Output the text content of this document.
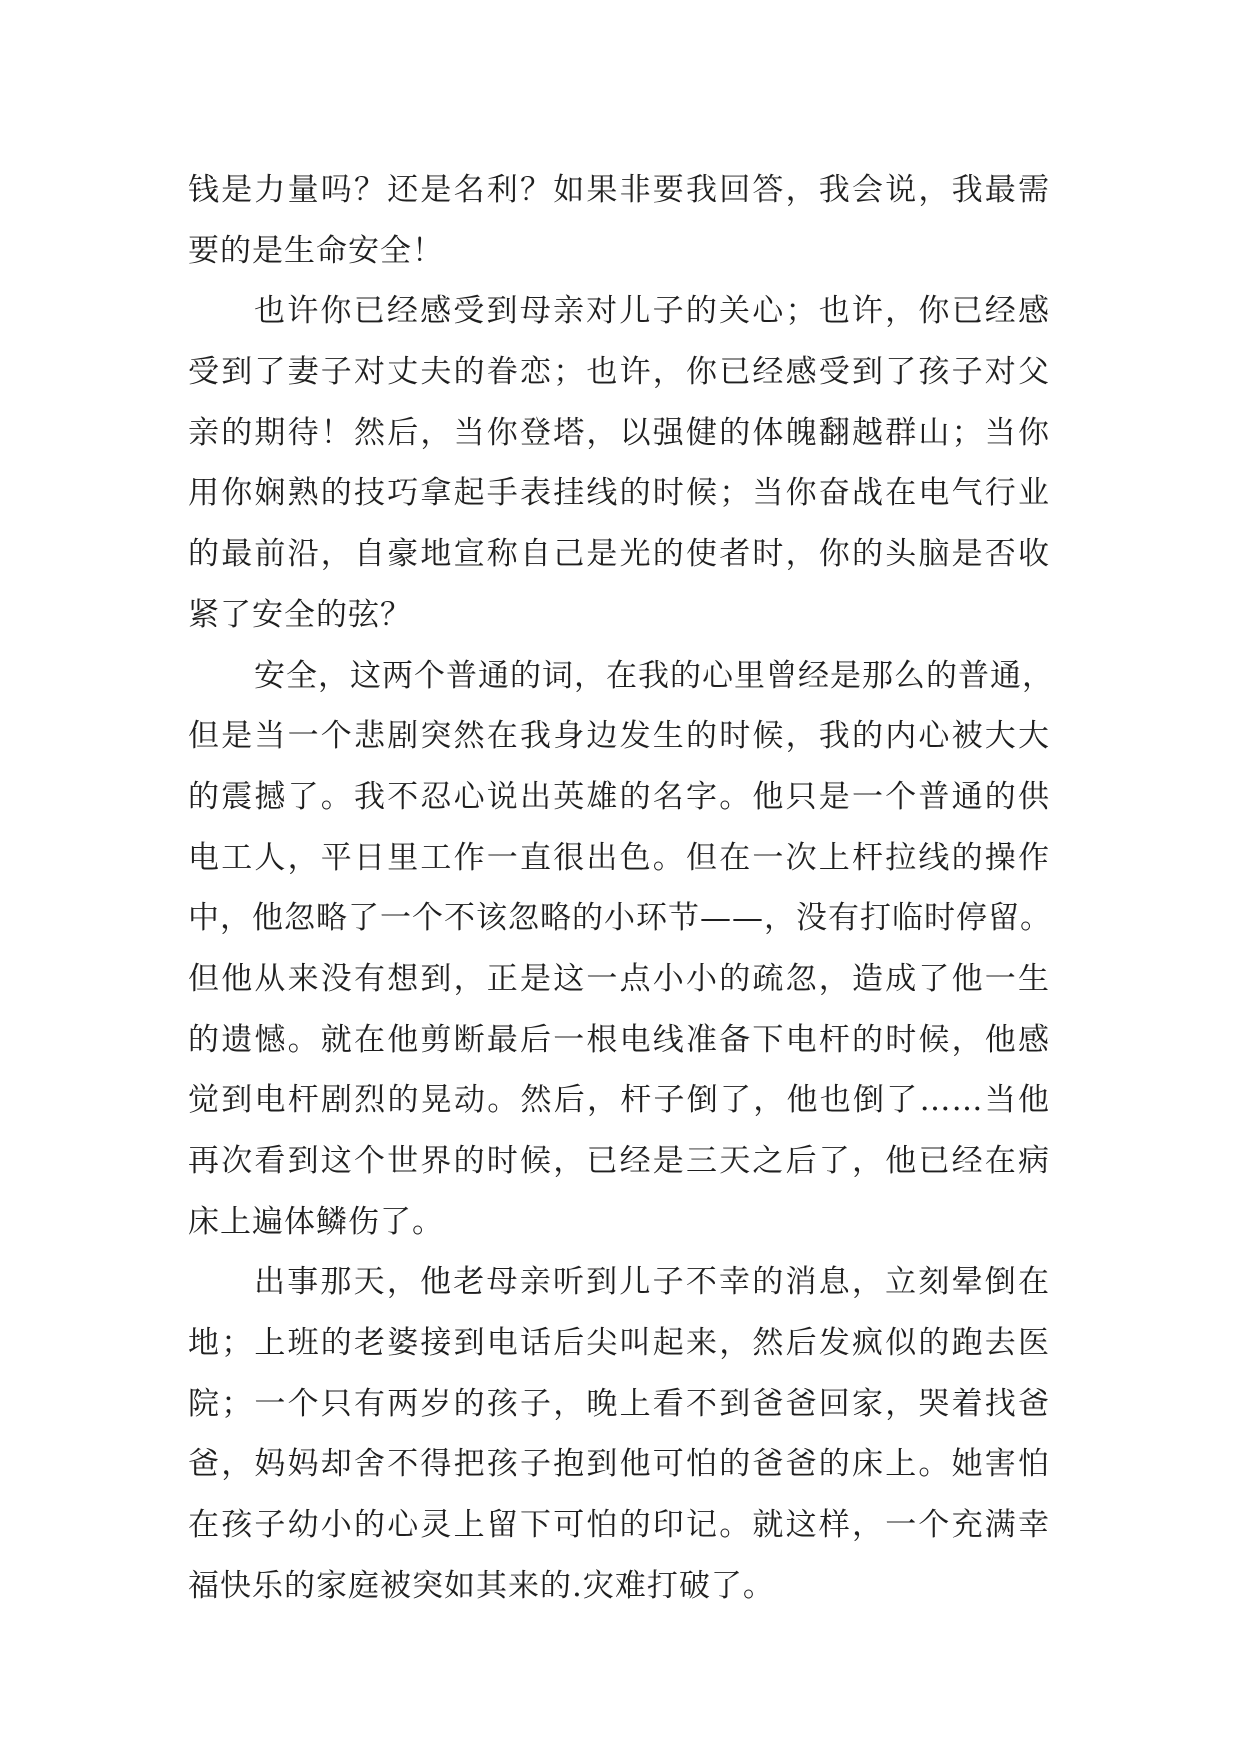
钱是力量吗？还是名利？如果非要我回答，我会说，我最需
要的是生命安全！
也许你已经感受到母亲对儿子的关心；也许，你已经感
受到了妻子对丈夫的眷恋；也许，你已经感受到了孩子对父
亲的期待！然后，当你登塔，以强健的体魄翻越群山；当你
用你娴熟的技巧拿起手表挂线的时候；当你奋战在电气行业
的最前沿，自豪地宣称自己是光的使者时，你的头脑是否收
紧了安全的弦？
安全，这两个普通的词，在我的心里曾经是那么的普通，
但是当一个悲剧突然在我身边发生的时候，我的内心被大大
的震撼了。我不忍心说出英雄的名字。他只是一个普通的供
电工人，平日里工作一直很出色。但在一次上杆拉线的操作
中，他忽略了一个不该忽略的小环节——，没有打临时停留。
但他从来没有想到，正是这一点小小的疏忽，造成了他一生
的遗憾。就在他剪断最后一根电线准备下电杆的时候，他感
觉到电杆剧烈的晃动。然后，杆子倒了，他也倒了……当他
再次看到这个世界的时候，已经是三天之后了，他已经在病
床上遍体鳞伤了。
出事那天，他老母亲听到儿子不幸的消息，立刻晕倒在
地；上班的老婆接到电话后尖叫起来，然后发疯似的跑去医
院；一个只有两岁的孩子，晚上看不到爸爸回家，哭着找爸
爸，妈妈却舍不得把孩子抱到他可怕的爸爸的床上。她害怕
在孩子幼小的心灵上留下可怕的印记。就这样，一个充满幸
福快乐的家庭被突如其来的.灾难打破了。
